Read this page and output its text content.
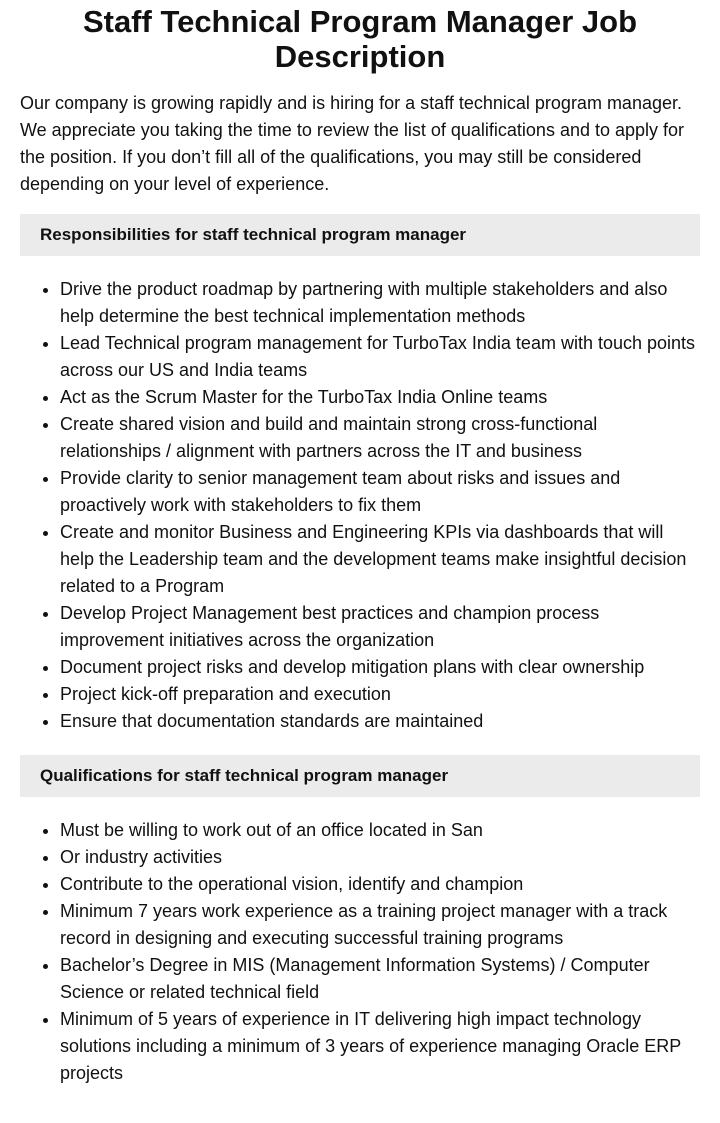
Staff Technical Program Manager Job Description

Our company is growing rapidly and is hiring for a staff technical program manager. We appreciate you taking the time to review the list of qualifications and to apply for the position. If you don’t fill all of the qualifications, you may still be considered depending on your level of experience.

Responsibilities for staff technical program manager
• Drive the product roadmap by partnering with multiple stakeholders and also help determine the best technical implementation methods
• Lead Technical program management for TurboTax India team with touch points across our US and India teams
• Act as the Scrum Master for the TurboTax India Online teams
• Create shared vision and build and maintain strong cross-functional relationships / alignment with partners across the IT and business
• Provide clarity to senior management team about risks and issues and proactively work with stakeholders to fix them
• Create and monitor Business and Engineering KPIs via dashboards that will help the Leadership team and the development teams make insightful decision related to a Program
• Develop Project Management best practices and champion process improvement initiatives across the organization
• Document project risks and develop mitigation plans with clear ownership
• Project kick-off preparation and execution
• Ensure that documentation standards are maintained
Qualifications for staff technical program manager
• Must be willing to work out of an office located in San
• Or industry activities
• Contribute to the operational vision, identify and champion
• Minimum 7 years work experience as a training project manager with a track record in designing and executing successful training programs
• Bachelor’s Degree in MIS (Management Information Systems) / Computer Science or related technical field
• Minimum of 5 years of experience in IT delivering high impact technology solutions including a minimum of 3 years of experience managing Oracle ERP projects
